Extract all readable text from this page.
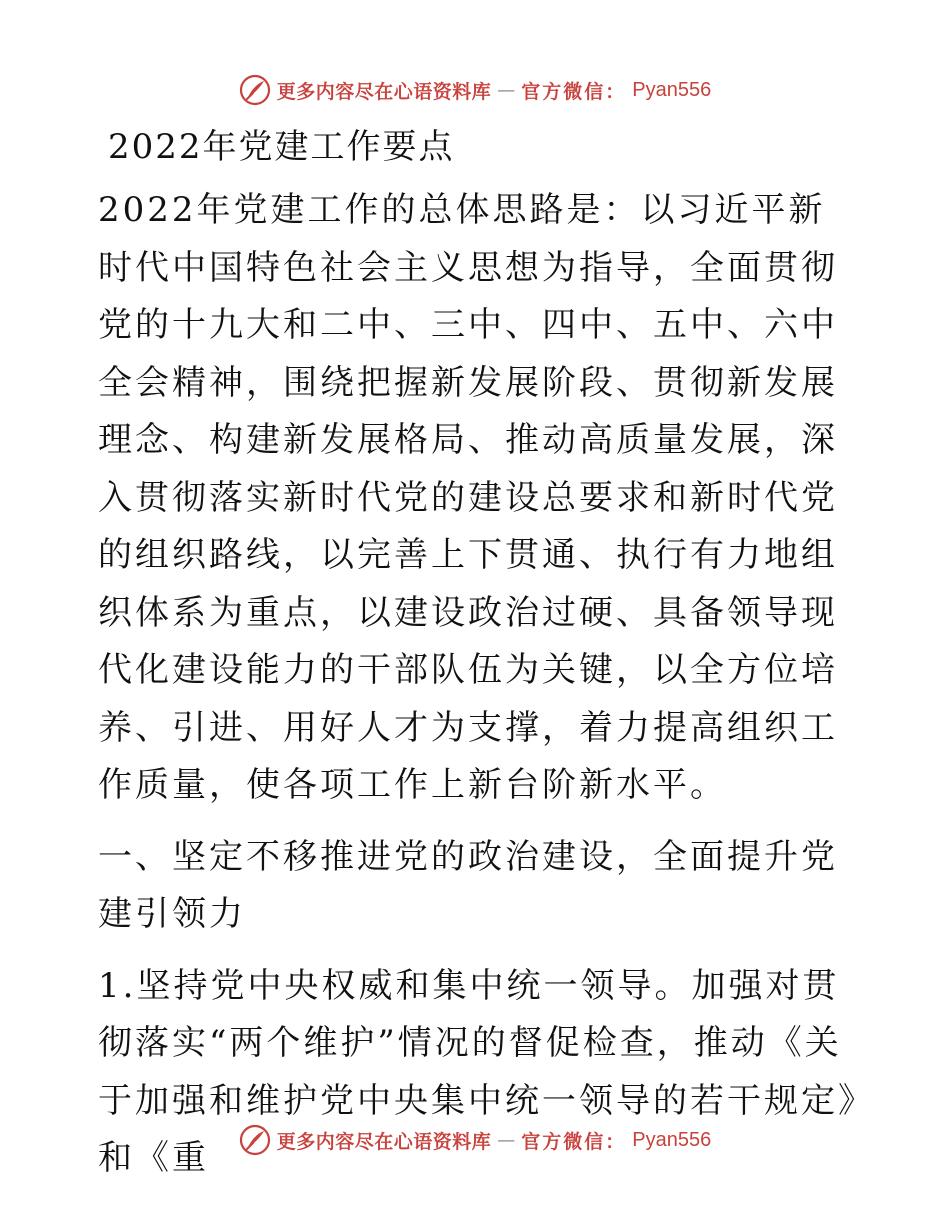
更多内容尽在心语资料库 — 官方微信： Pyan556
2022年党建工作要点

2022年党建工作的总体思路是：以习近平新时代中国特色社会主义思想为指导，全面贯彻党的十九大和二中、三中、四中、五中、六中全会精神，围绕把握新发展阶段、贯彻新发展理念、构建新发展格局、推动高质量发展，深入贯彻落实新时代党的建设总要求和新时代党的组织路线，以完善上下贯通、执行有力地组织体系为重点，以建设政治过硬、具备领导现代化建设能力的干部队伍为关键，以全方位培养、引进、用好人才为支撑，着力提高组织工作质量，使各项工作上新台阶新水平。

一、坚定不移推进党的政治建设，全面提升党建引领力

1.坚持党中央权威和集中统一领导。加强对贯彻落实“两个维护”情况的督促检查，推动《关于加强和维护党中央集中统一领导的若干规定》和《重	更多内容尽在心语资料库 — 官方微信： Pyan556
